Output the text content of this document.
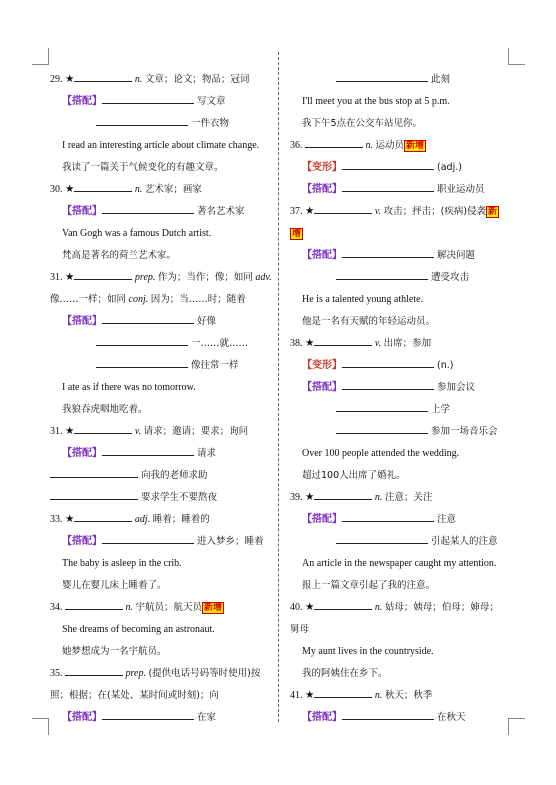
29. ★	n. 文章；论文；物品；冠词
【搭配】	写文章
一件衣物
I read an interesting article about climate change.
我读了一篇关于气候变化的有趣文章。
30. ★	n. 艺术家；画家
【搭配】	著名艺术家
Van Gogh was a famous Dutch artist.
梵高是著名的荷兰艺术家。
31. ★	prep. 作为；当作；像；如同 adv.
像……一样；如同 conj. 因为；当……时；随着
【搭配】	好像
一……就……
像往常一样
I ate as if there was no tomorrow.
我狼吞虎咽地吃着。
31. ★	v. 请求；邀请；要求；询问
【搭配】	请求
向我的老师求助
要求学生不要熬夜
33. ★	adj. 睡着；睡着的
【搭配】	进入梦乡；睡着
The baby is asleep in the crib.
婴儿在婴儿床上睡着了。
34.	n. 宇航员；航天员 新增
She dreams of becoming an astronaut.
她梦想成为一名宇航员。
35.	prep. (提供电话号码等时使用)按
照；根据；在(某处、某时间或时刻)；向
【搭配】	在家
此刻
I'll meet you at the bus stop at 5 p.m.
我下午5点在公交车站见你。
36.	n. 运动员 新增
【变形】	(adj.)
【搭配】	职业运动员
37. ★	v. 攻击；抨击；(疾病)侵袭 新
增
【搭配】	解决问题
遭受攻击
He is a talented young athlete.
他是一名有天赋的年轻运动员。
38. ★	v. 出席；参加
【变形】	(n.)
【搭配】	参加会议
上学
参加一场音乐会
Over 100 people attended the wedding.
超过100人出席了婚礼。
39. ★	n. 注意；关注
【搭配】	注意
引起某人的注意
An article in the newspaper caught my attention.
报上一篇文章引起了我的注意。
40. ★	n. 姑母；姨母；伯母；婶母；
舅母
My aunt lives in the countryside.
我的阿姨住在乡下。
41. ★	n. 秋天；秋季
【搭配】	在秋天
